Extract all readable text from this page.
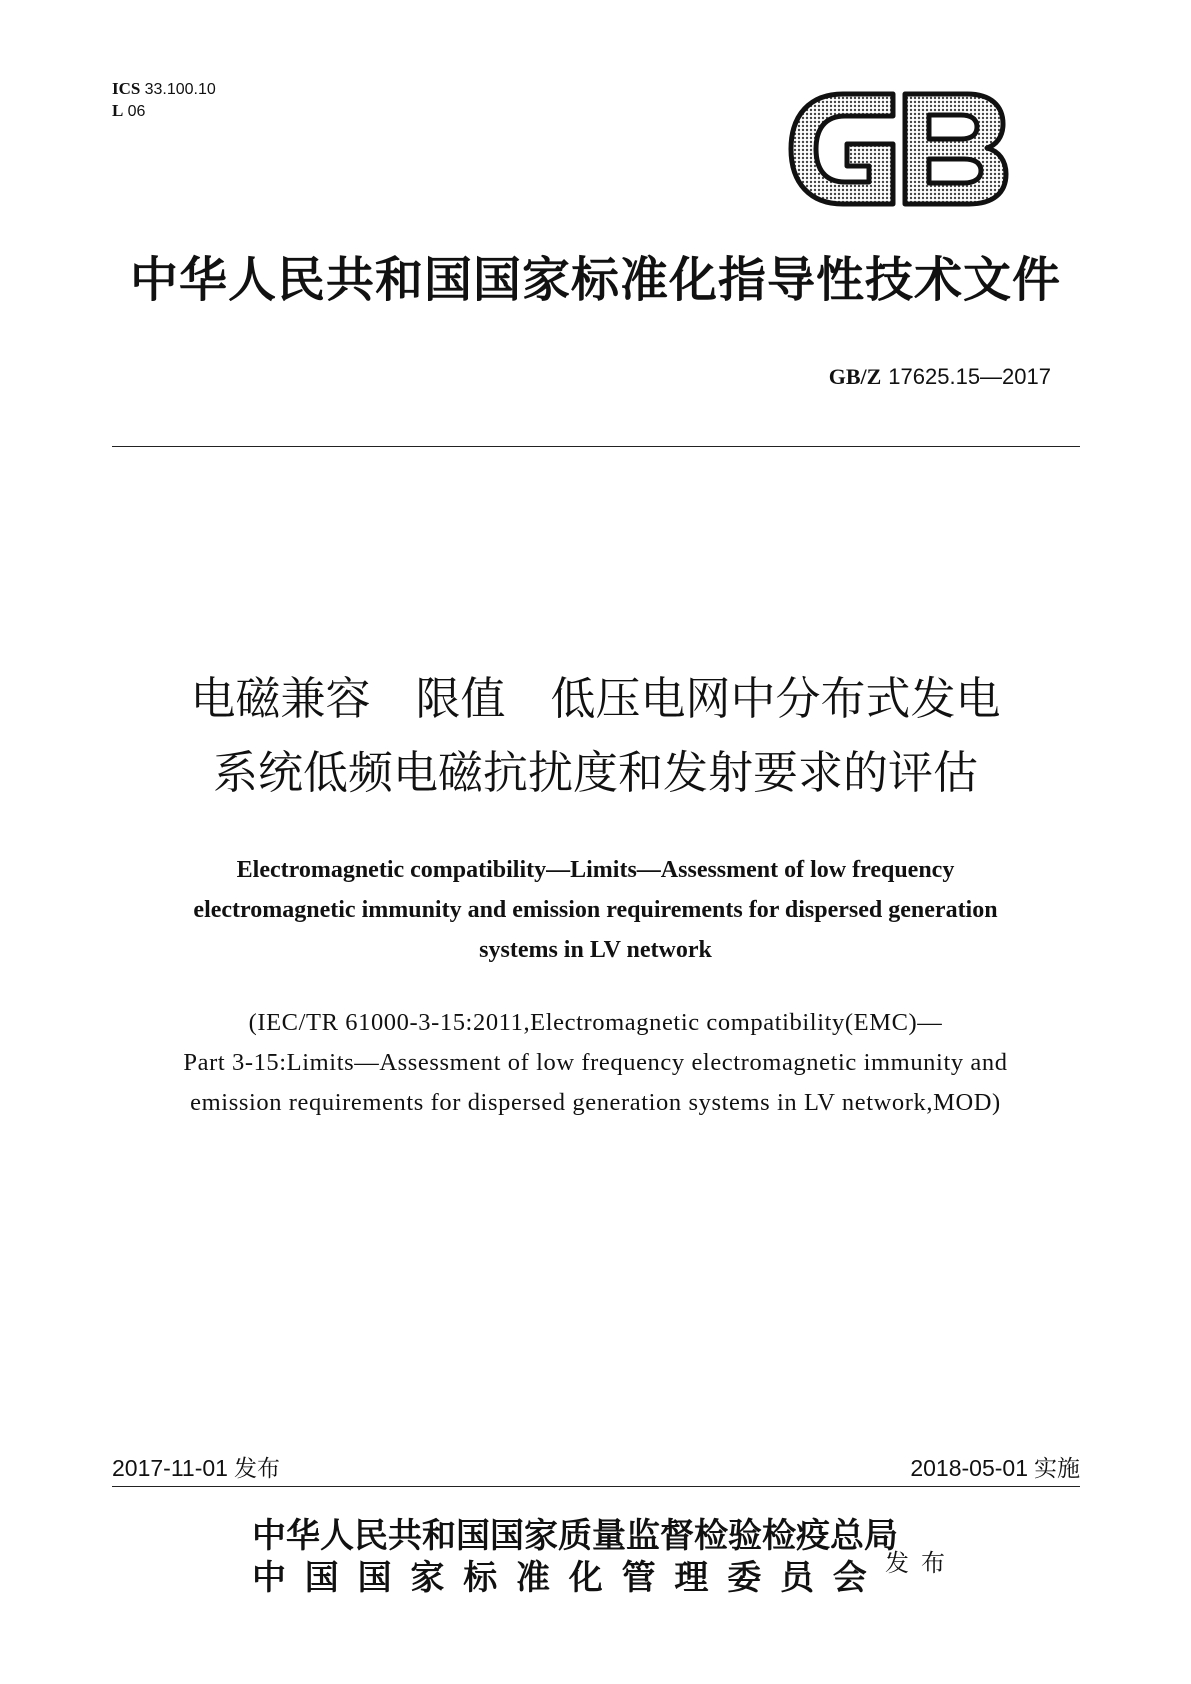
ICS 33.100.10
L 06
中华人民共和国国家标准化指导性技术文件
GB/Z 17625.15—2017
电磁兼容　限值　低压电网中分布式发电
系统低频电磁抗扰度和发射要求的评估
Electromagnetic compatibility—Limits—Assessment of low frequency
electromagnetic immunity and emission requirements for dispersed generation
systems in LV network
(IEC/TR 61000-3-15:2011,Electromagnetic compatibility(EMC)—
Part 3-15:Limits—Assessment of low frequency electromagnetic immunity and
emission requirements for dispersed generation systems in LV network,MOD)
2017-11-01 发布	2018-05-01 实施
中华人民共和国国家质量监督检验检疫总局
中国国家标准化管理委员会 发布
